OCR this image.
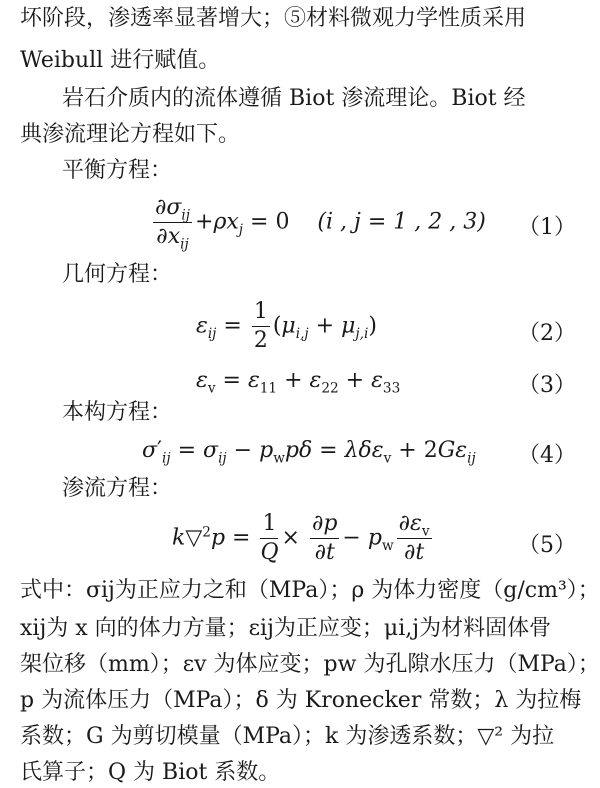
坏阶段，渗透率显著增大；⑤材料微观力学性质采用
Weibull 进行赋值。
岩石介质内的流体遵循 Biot 渗流理论。Biot 经
典渗流理论方程如下。
平衡方程：
$\frac{\partial\sigma_{ij}}{\partial x_{ij}} +\rho x_j = 0$    (i , j = 1 , 2 , 3) （1）
几何方程：
$\varepsilon_{ij} = \frac{1}{2} (\mu_{i,j} + \mu_{j,i})$	（2）
$\varepsilon_v = \varepsilon_{11} + \varepsilon_{22} + \varepsilon_{33}$	（3）
本构方程：
$\sigma'_{ij} = \sigma_{ij} - p_wp\delta = \lambda\delta\varepsilon_v + 2G\varepsilon_{ij}$ （4）
渗流方程：
k▽$^2$p = $\frac{1}{Q} \times \frac{\partial p}{\partial t} - p_w \frac{\partial\varepsilon_v}{\partial t}$	（5）
式中：σij为正应力之和（MPa）；ρ 为体力密度（g/cm³）；
xij为 x 向的体力方量；εij为正应变；μi,j为材料固体骨
架位移（mm）；εv 为体应变；pw 为孔隙水压力（MPa）；
p 为流体压力（MPa）；δ 为 Kronecker 常数；λ 为拉梅
系数；G 为剪切模量（MPa）；k 为渗透系数；▽² 为拉
氏算子；Q 为 Biot 系数。
